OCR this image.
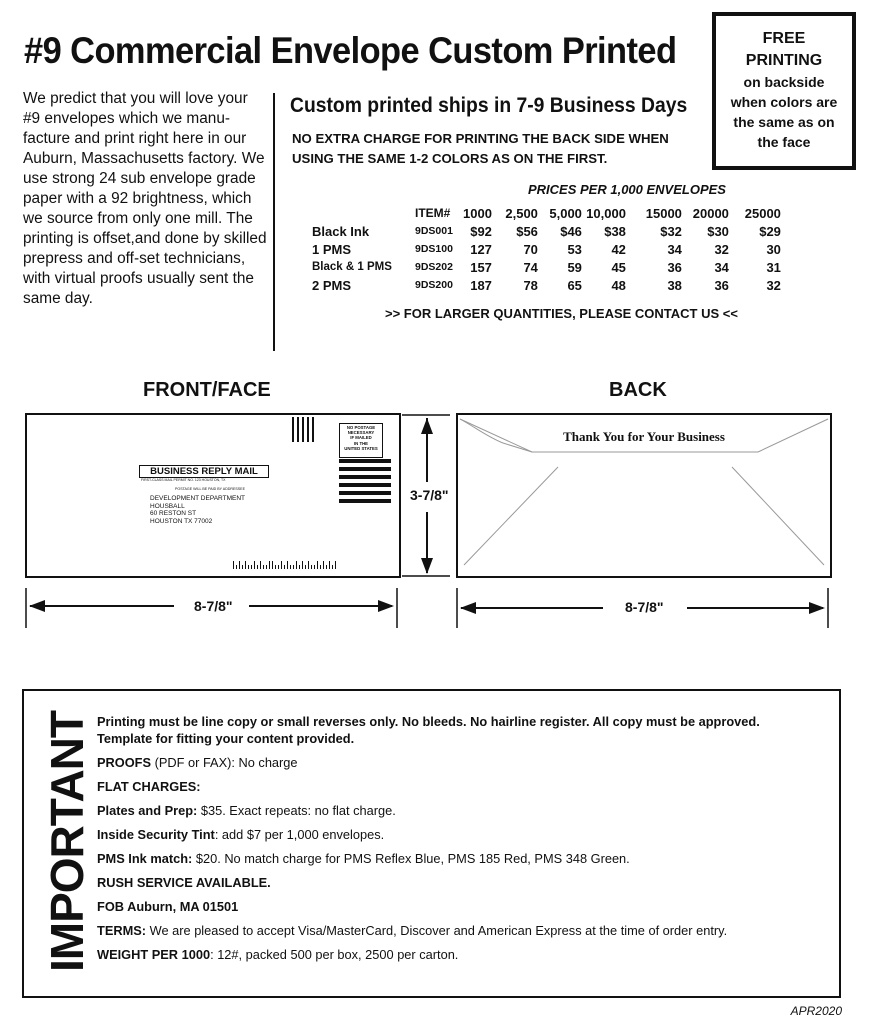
#9 Commercial Envelope Custom Printed
We predict that you will love your #9 envelopes which we manu-facture and print right here in our Auburn, Massachusetts factory. We use strong 24 sub envelope grade paper with a 92 brightness, which we source from only one mill. The printing is offset,and done by skilled prepress and off-set technicians, with virtual proofs usually sent the same day.
Custom printed ships in 7-9 Business Days
NO EXTRA CHARGE FOR PRINTING THE BACK SIDE WHEN
USING THE SAME 1-2 COLORS AS ON THE FIRST.
FREE
PRINTING
on backside
when colors are
the same as on
the face
PRICES PER 1,000 ENVELOPES
	ITEM#	1000	2,500	5,000	10,000	15000	20000	25000
Black Ink	9DS001	$92	$56	$46	$38	$32	$30	$29
1 PMS	9DS100	127	70	53	42	34	32	30
Black & 1 PMS	9DS202	157	74	59	45	36	34	31
2 PMS	9DS200	187	78	65	48	38	36	32
>> FOR LARGER QUANTITIES, PLEASE CONTACT US <<
FRONT/FACE	BACK
NO POSTAGE
NECESSARY
IF MAILED
IN THE
UNITED STATES
BUSINESS REPLY MAIL
FIRST-CLASS MAIL PERMIT NO. 123 HOUSTON, TX
POSTAGE WILL BE PAID BY ADDRESSEE
DEVELOPMENT DEPARTMENT
HOUSBALL
60 RESTON ST
HOUSTON TX 77002
3-7/8"
Thank You for Your Business
8-7/8"	8-7/8"
IMPORTANT Printing must be line copy or small reverses only. No bleeds. No hairline register. All copy must be approved. Template for fitting your content provided.
PROOFS (PDF or FAX): No charge
FLAT CHARGES:
Plates and Prep: $35. Exact repeats: no flat charge.
Inside Security Tint: add $7 per 1,000 envelopes.
PMS Ink match: $20. No match charge for PMS Reflex Blue, PMS 185 Red, PMS 348 Green.
RUSH SERVICE AVAILABLE.
FOB Auburn, MA 01501
TERMS: We are pleased to accept Visa/MasterCard, Discover and American Express at the time of order entry.
WEIGHT PER 1000: 12#, packed 500 per box, 2500 per carton.
APR2020
